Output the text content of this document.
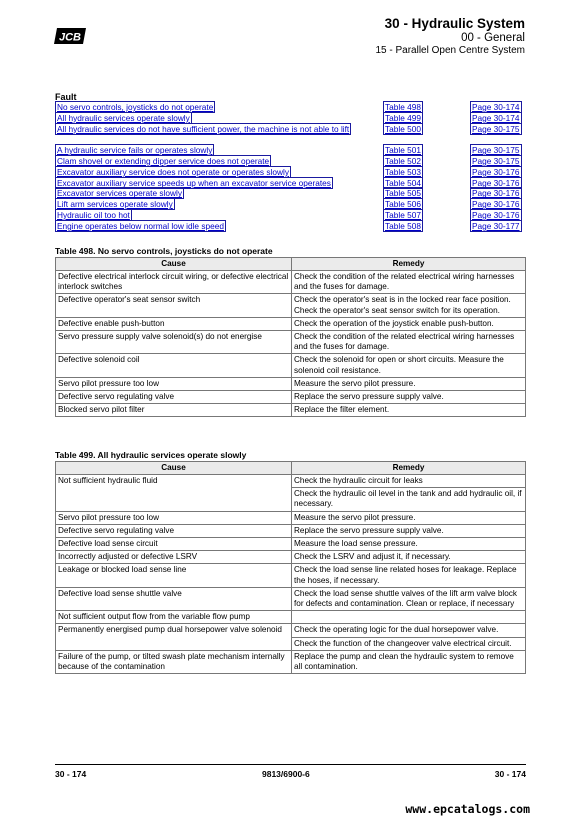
JCB
30 - Hydraulic System
00 - General
15 - Parallel Open Centre System
Fault
No servo controls, joysticks do not operate	Table 498	Page 30-174
All hydraulic services operate slowly	Table 499	Page 30-174
All hydraulic services do not have sufficient power, the machine is not able to lift	Table 500	Page 30-175
A hydraulic service fails or operates slowly	Table 501	Page 30-175
Clam shovel or extending dipper service does not operate	Table 502	Page 30-175
Excavator auxiliary service does not operate or operates slowly	Table 503	Page 30-176
Excavator auxiliary service speeds up when an excavator service operates	Table 504	Page 30-176
Excavator services operate slowly	Table 505	Page 30-176
Lift arm services operate slowly	Table 506	Page 30-176
Hydraulic oil too hot	Table 507	Page 30-176
Engine operates below normal low idle speed	Table 508	Page 30-177
Table 498. No servo controls, joysticks do not operate
Cause	Remedy
Defective electrical interlock circuit wiring, or defective electrical interlock switches	Check the condition of the related electrical wiring harnesses and the fuses for damage.
Defective operator's seat sensor switch	Check the operator's seat is in the locked rear face position. Check the operator's seat sensor switch for its operation.
Defective enable push-button	Check the operation of the joystick enable push-button.
Servo pressure supply valve solenoid(s) do not energise	Check the condition of the related electrical wiring harnesses and the fuses for damage.
Defective solenoid coil	Check the solenoid for open or short circuits. Measure the solenoid coil resistance.
Servo pilot pressure too low	Measure the servo pilot pressure.
Defective servo regulating valve	Replace the servo pressure supply valve.
Blocked servo pilot filter	Replace the filter element.
Table 499. All hydraulic services operate slowly
Cause	Remedy
Not sufficient hydraulic fluid	Check the hydraulic circuit for leaks
	Check the hydraulic oil level in the tank and add hydraulic oil, if necessary.
Servo pilot pressure too low	Measure the servo pilot pressure.
Defective servo regulating valve	Replace the servo pressure supply valve.
Defective load sense circuit	Measure the load sense pressure.
Incorrectly adjusted or defective LSRV	Check the LSRV and adjust it, if necessary.
Leakage or blocked load sense line	Check the load sense line related hoses for leakage. Replace the hoses, if necessary.
Defective load sense shuttle valve	Check the load sense shuttle valves of the lift arm valve block for defects and contamination. Clean or replace, if necessary
Not sufficient output flow from the variable flow pump	
Permanently energised pump dual horsepower valve solenoid	Check the operating logic for the dual horsepower valve.
	Check the function of the changeover valve electrical circuit.
Failure of the pump, or tilted swash plate mechanism internally because of the contamination	Replace the pump and clean the hydraulic system to remove all contamination.
30 - 174	9813/6900-6	30 - 174
www.epcatalogs.com
